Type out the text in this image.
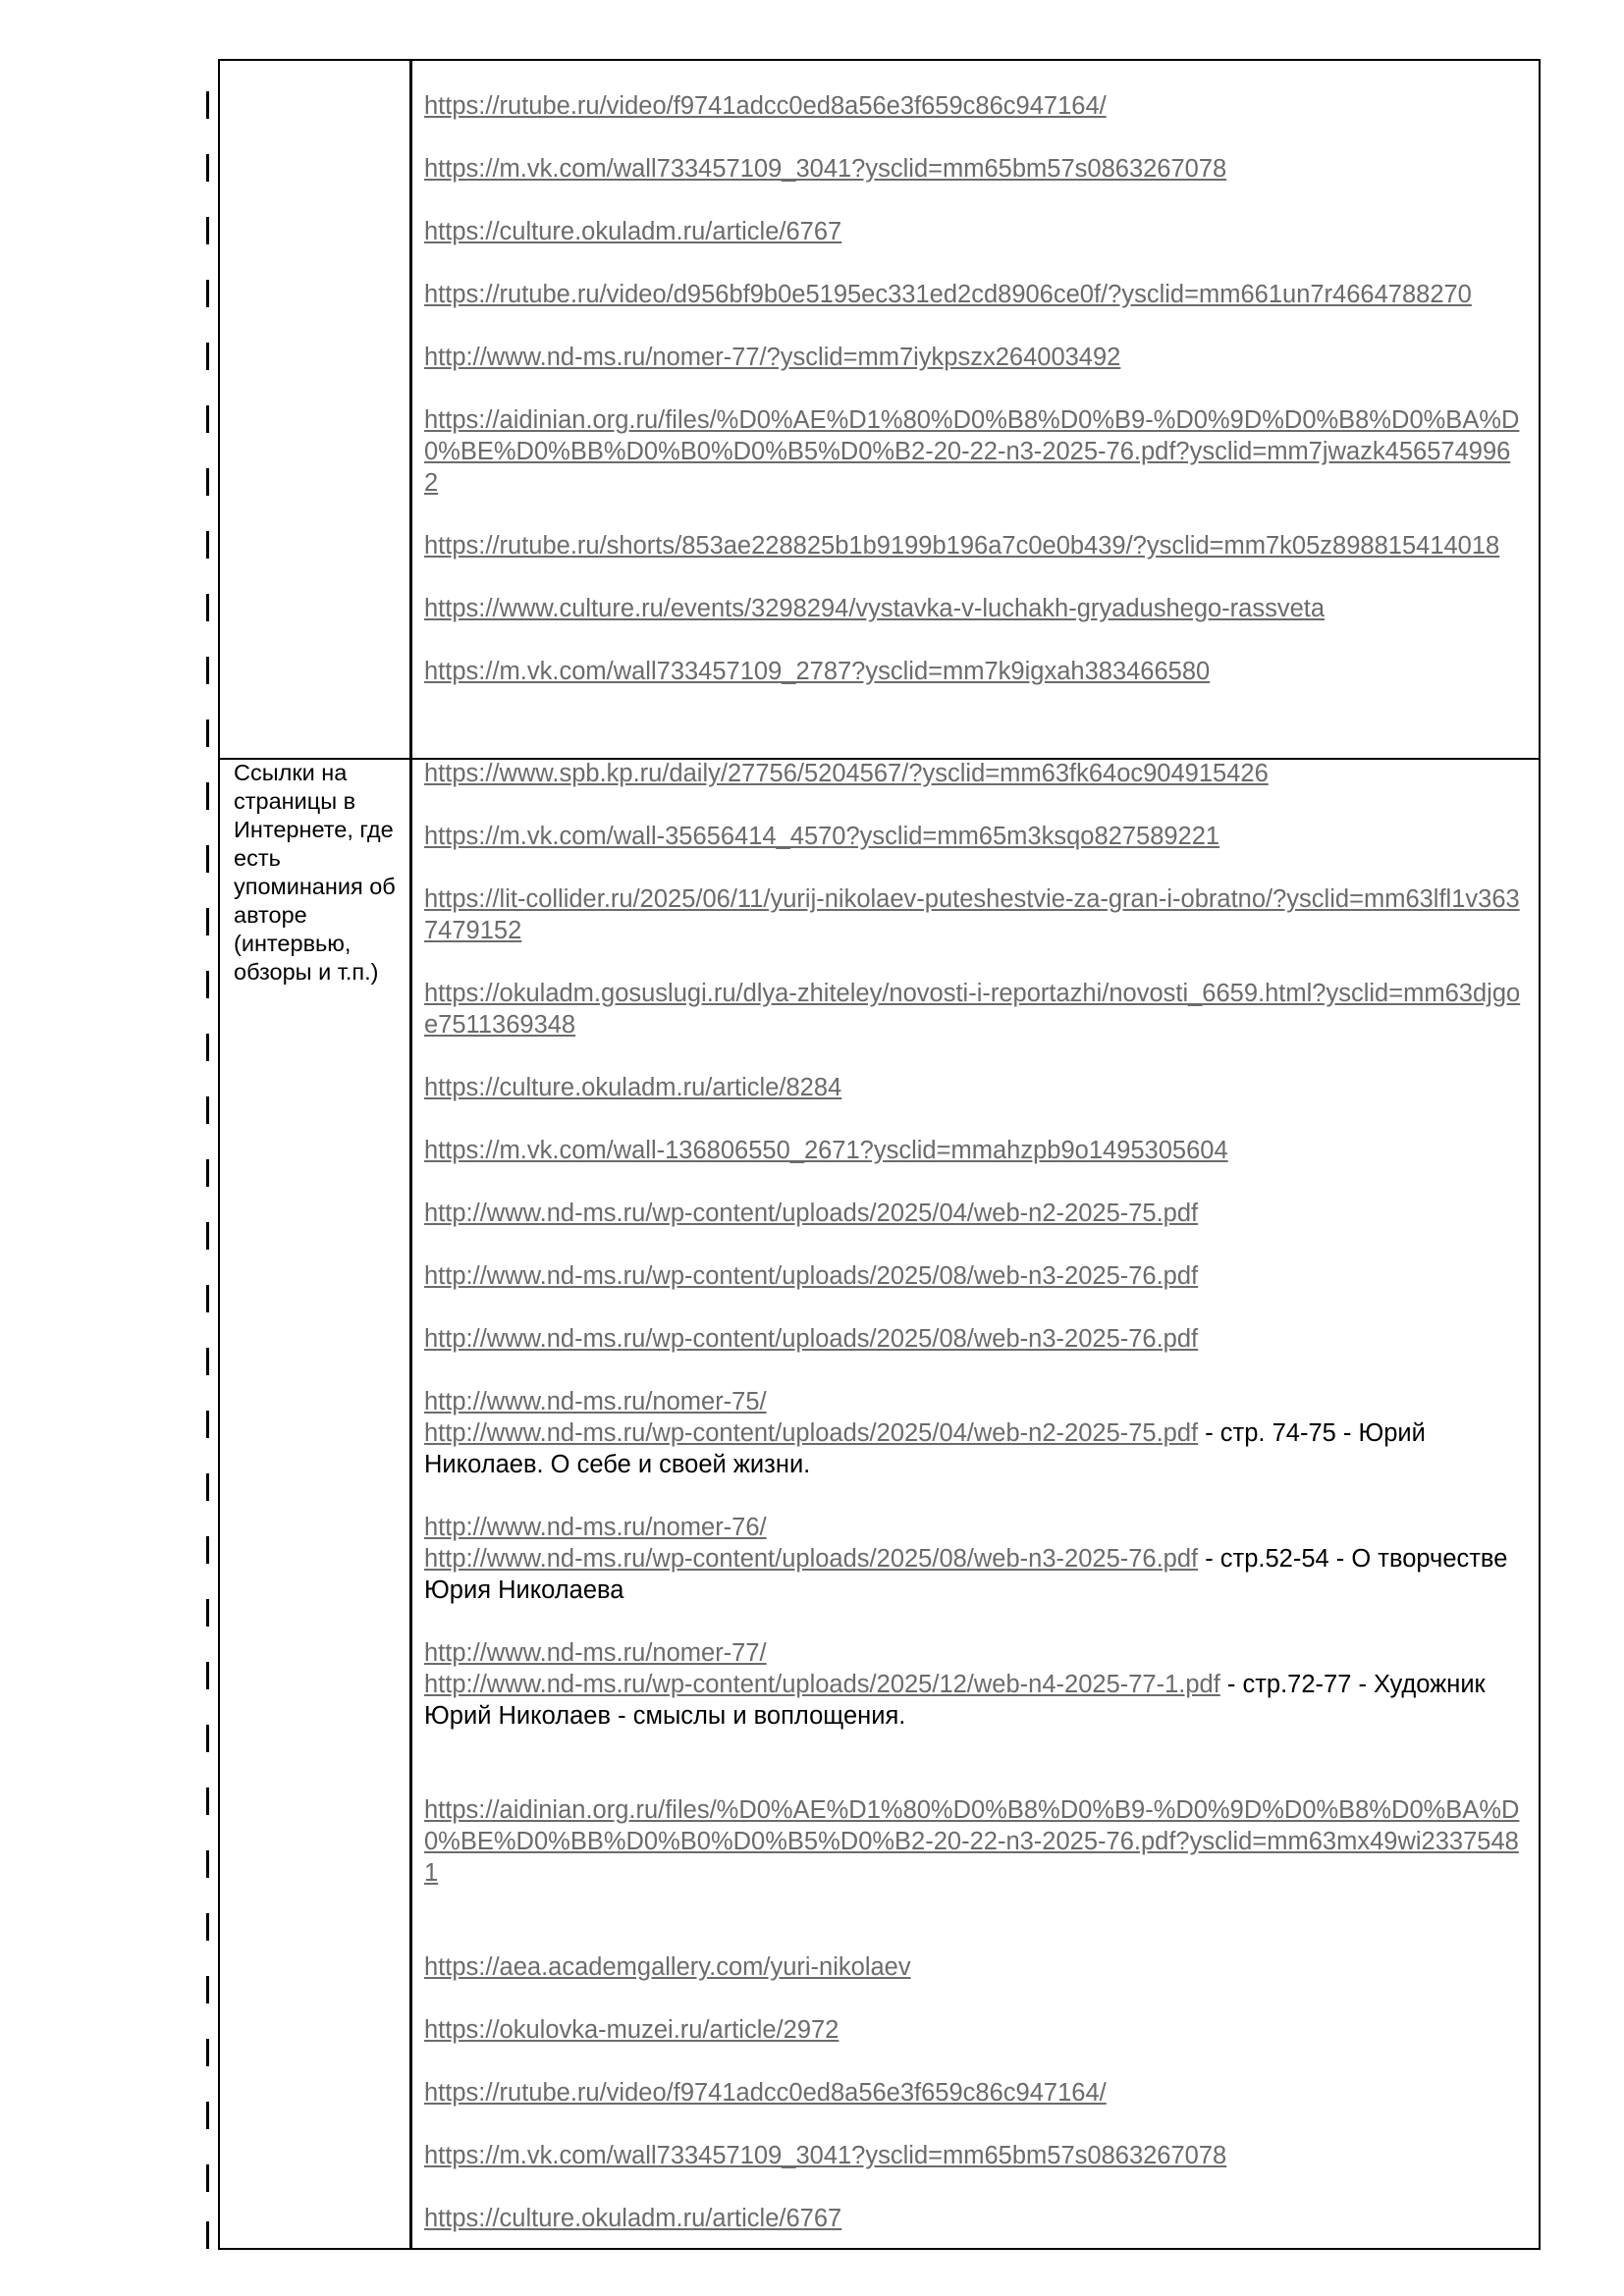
https://rutube.ru/video/f9741adcc0ed8a56e3f659c86c947164/
https://m.vk.com/wall733457109_3041?ysclid=mm65bm57s0863267078
https://culture.okuladm.ru/article/6767
https://rutube.ru/video/d956bf9b0e5195ec331ed2cd8906ce0f/?ysclid=mm661un7r4664788270
http://www.nd-ms.ru/nomer-77/?ysclid=mm7iykpszx264003492
https://aidinian.org.ru/files/%D0%AE%D1%80%D0%B8%D0%B9-%D0%9D%D0%B8%D0%BA%D0%BE%D0%BB%D0%B0%D0%B5%D0%B2-20-22-n3-2025-76.pdf?ysclid=mm7jwazk4565749962
https://rutube.ru/shorts/853ae228825b1b9199b196a7c0e0b439/?ysclid=mm7k05z898815414018
https://www.culture.ru/events/3298294/vystavka-v-luchakh-gryadushego-rassveta
https://m.vk.com/wall733457109_2787?ysclid=mm7k9igxah383466580
Ссылки на страницы в Интернете, где есть упоминания об авторе (интервью, обзоры и т.п.)
https://www.spb.kp.ru/daily/27756/5204567/?ysclid=mm63fk64oc904915426
https://m.vk.com/wall-35656414_4570?ysclid=mm65m3ksqo827589221
https://lit-collider.ru/2025/06/11/yurij-nikolaev-puteshestvie-za-gran-i-obratno/?ysclid=mm63lfl1v3637479152
https://okuladm.gosuslugi.ru/dlya-zhiteley/novosti-i-reportazhi/novosti_6659.html?ysclid=mm63djgoe7511369348
https://culture.okuladm.ru/article/8284
https://m.vk.com/wall-136806550_2671?ysclid=mmahzpb9o1495305604
http://www.nd-ms.ru/wp-content/uploads/2025/04/web-n2-2025-75.pdf
http://www.nd-ms.ru/wp-content/uploads/2025/08/web-n3-2025-76.pdf
http://www.nd-ms.ru/wp-content/uploads/2025/08/web-n3-2025-76.pdf
http://www.nd-ms.ru/nomer-75/
http://www.nd-ms.ru/wp-content/uploads/2025/04/web-n2-2025-75.pdf - стр. 74-75 - Юрий Николаев. О себе и своей жизни.
http://www.nd-ms.ru/nomer-76/
http://www.nd-ms.ru/wp-content/uploads/2025/08/web-n3-2025-76.pdf - стр.52-54 - О творчестве Юрия Николаева
http://www.nd-ms.ru/nomer-77/
http://www.nd-ms.ru/wp-content/uploads/2025/12/web-n4-2025-77-1.pdf - стр.72-77 - Художник Юрий Николаев - смыслы и воплощения.
https://aidinian.org.ru/files/%D0%AE%D1%80%D0%B8%D0%B9-%D0%9D%D0%B8%D0%BA%D0%BE%D0%BB%D0%B0%D0%B5%D0%B2-20-22-n3-2025-76.pdf?ysclid=mm63mx49wi23375481
https://aea.academgallery.com/yuri-nikolaev
https://okulovka-muzei.ru/article/2972
https://rutube.ru/video/f9741adcc0ed8a56e3f659c86c947164/
https://m.vk.com/wall733457109_3041?ysclid=mm65bm57s0863267078
https://culture.okuladm.ru/article/6767
